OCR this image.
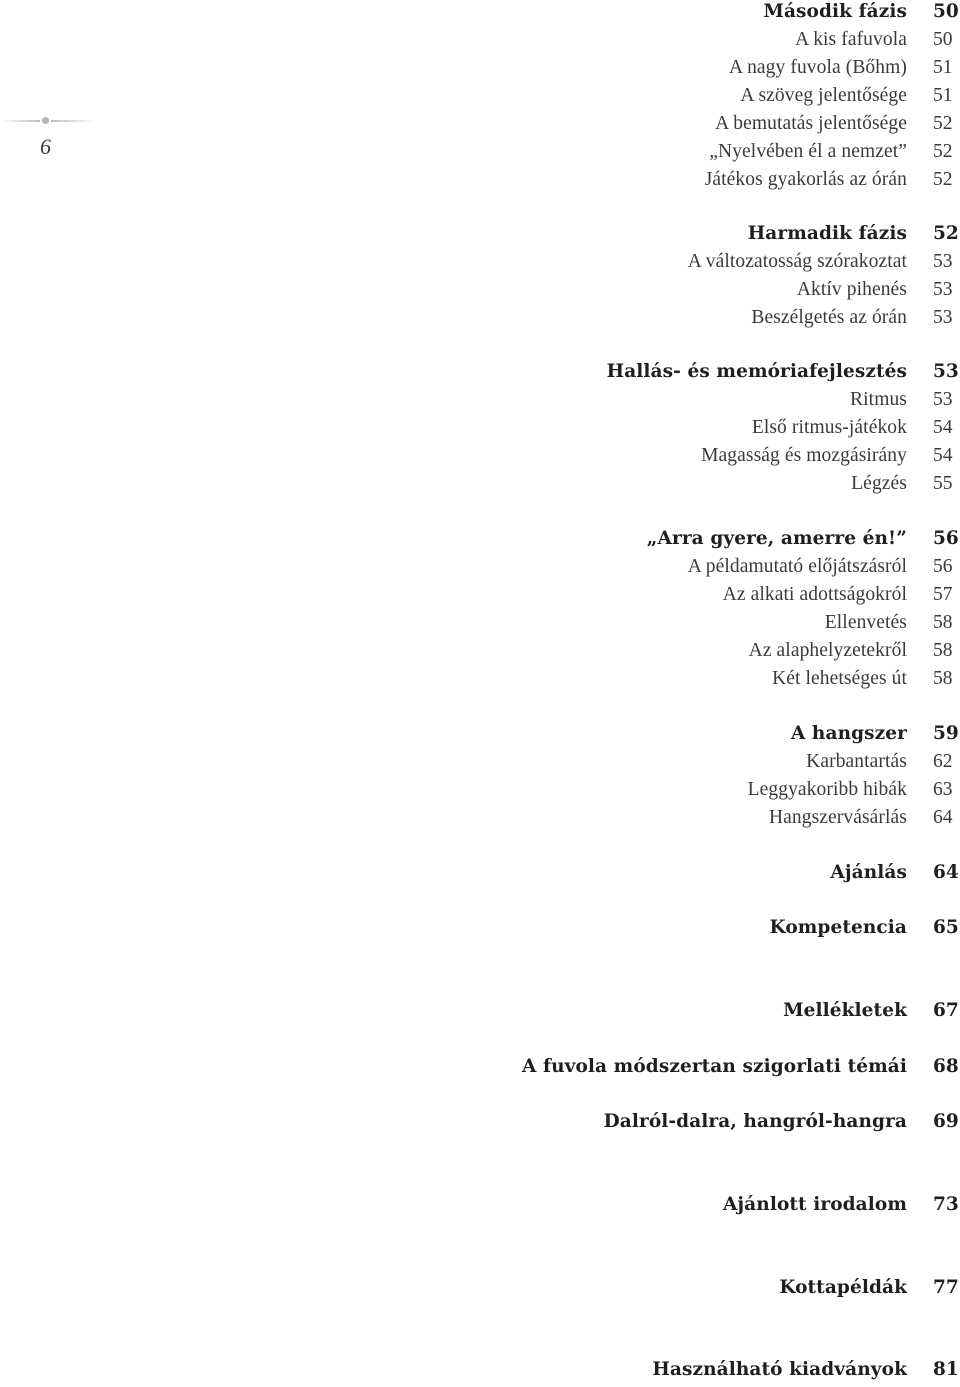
6
Második fázis 50
A kis fafuvola 50
A nagy fuvola (Bőhm) 51
A szöveg jelentősége 51
A bemutatás jelentősége 52
„Nyelvében él a nemzet” 52
Játékos gyakorlás az órán 52
Harmadik fázis 52
A változatosság szórakoztat 53
Aktív pihenés 53
Beszélgetés az órán 53
Hallás- és memóriafejlesztés 53
Ritmus 53
Első ritmus-játékok 54
Magasság és mozgásirány 54
Légzés 55
„Arra gyere, amerre én!” 56
A példamutató előjátszásról 56
Az alkati adottságokról 57
Ellenvetés 58
Az alaphelyzetekről 58
Két lehetséges út 58
A hangszer 59
Karbantartás 62
Leggyakoribb hibák 63
Hangszervásárlás 64
Ajánlás 64
Kompetencia 65
Mellékletek 67
A fuvola módszertan szigorlati témái 68
Dalról-dalra, hangról-hangra 69
Ajánlott irodalom 73
Kottapéldák 77
Használható kiadványok 81
